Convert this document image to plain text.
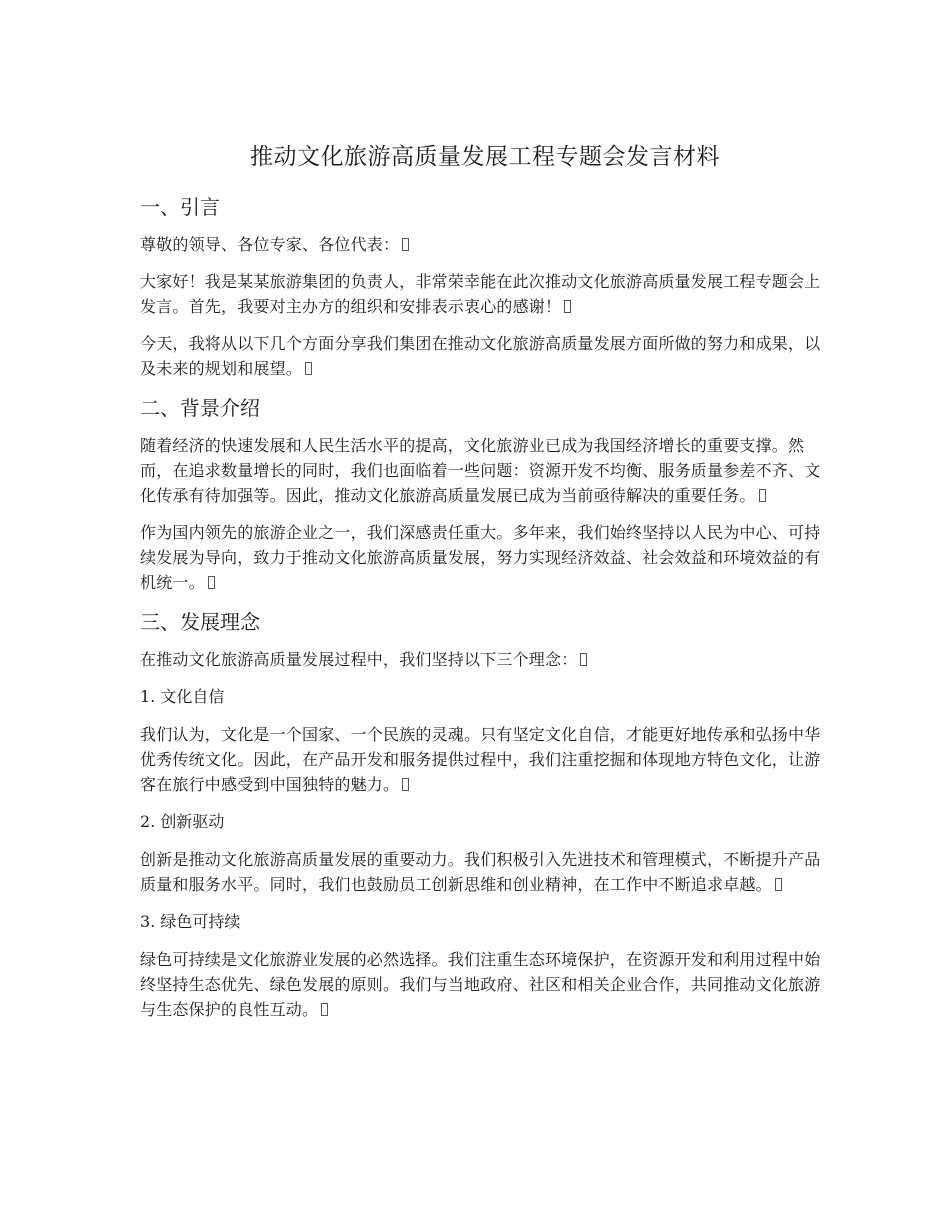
推动文化旅游高质量发展工程专题会发言材料
一、引言

尊敬的领导、各位专家、各位代表：

大家好！我是某某旅游集团的负责人，非常荣幸能在此次推动文化旅游高质量发展工程专题会上发言。首先，我要对主办方的组织和安排表示衷心的感谢！

今天，我将从以下几个方面分享我们集团在推动文化旅游高质量发展方面所做的努力和成果，以及未来的规划和展望。

二、背景介绍

随着经济的快速发展和人民生活水平的提高，文化旅游业已成为我国经济增长的重要支撑。然而，在追求数量增长的同时，我们也面临着一些问题：资源开发不均衡、服务质量参差不齐、文化传承有待加强等。因此，推动文化旅游高质量发展已成为当前亟待解决的重要任务。

作为国内领先的旅游企业之一，我们深感责任重大。多年来，我们始终坚持以人民为中心、可持续发展为导向，致力于推动文化旅游高质量发展，努力实现经济效益、社会效益和环境效益的有机统一。

三、发展理念

在推动文化旅游高质量发展过程中，我们坚持以下三个理念：

1. 文化自信

我们认为，文化是一个国家、一个民族的灵魂。只有坚定文化自信，才能更好地传承和弘扬中华优秀传统文化。因此，在产品开发和服务提供过程中，我们注重挖掘和体现地方特色文化，让游客在旅行中感受到中国独特的魅力。

2. 创新驱动

创新是推动文化旅游高质量发展的重要动力。我们积极引入先进技术和管理模式，不断提升产品质量和服务水平。同时，我们也鼓励员工创新思维和创业精神，在工作中不断追求卓越。

3. 绿色可持续

绿色可持续是文化旅游业发展的必然选择。我们注重生态环境保护，在资源开发和利用过程中始终坚持生态优先、绿色发展的原则。我们与当地政府、社区和相关企业合作，共同推动文化旅游与生态保护的良性互动。
